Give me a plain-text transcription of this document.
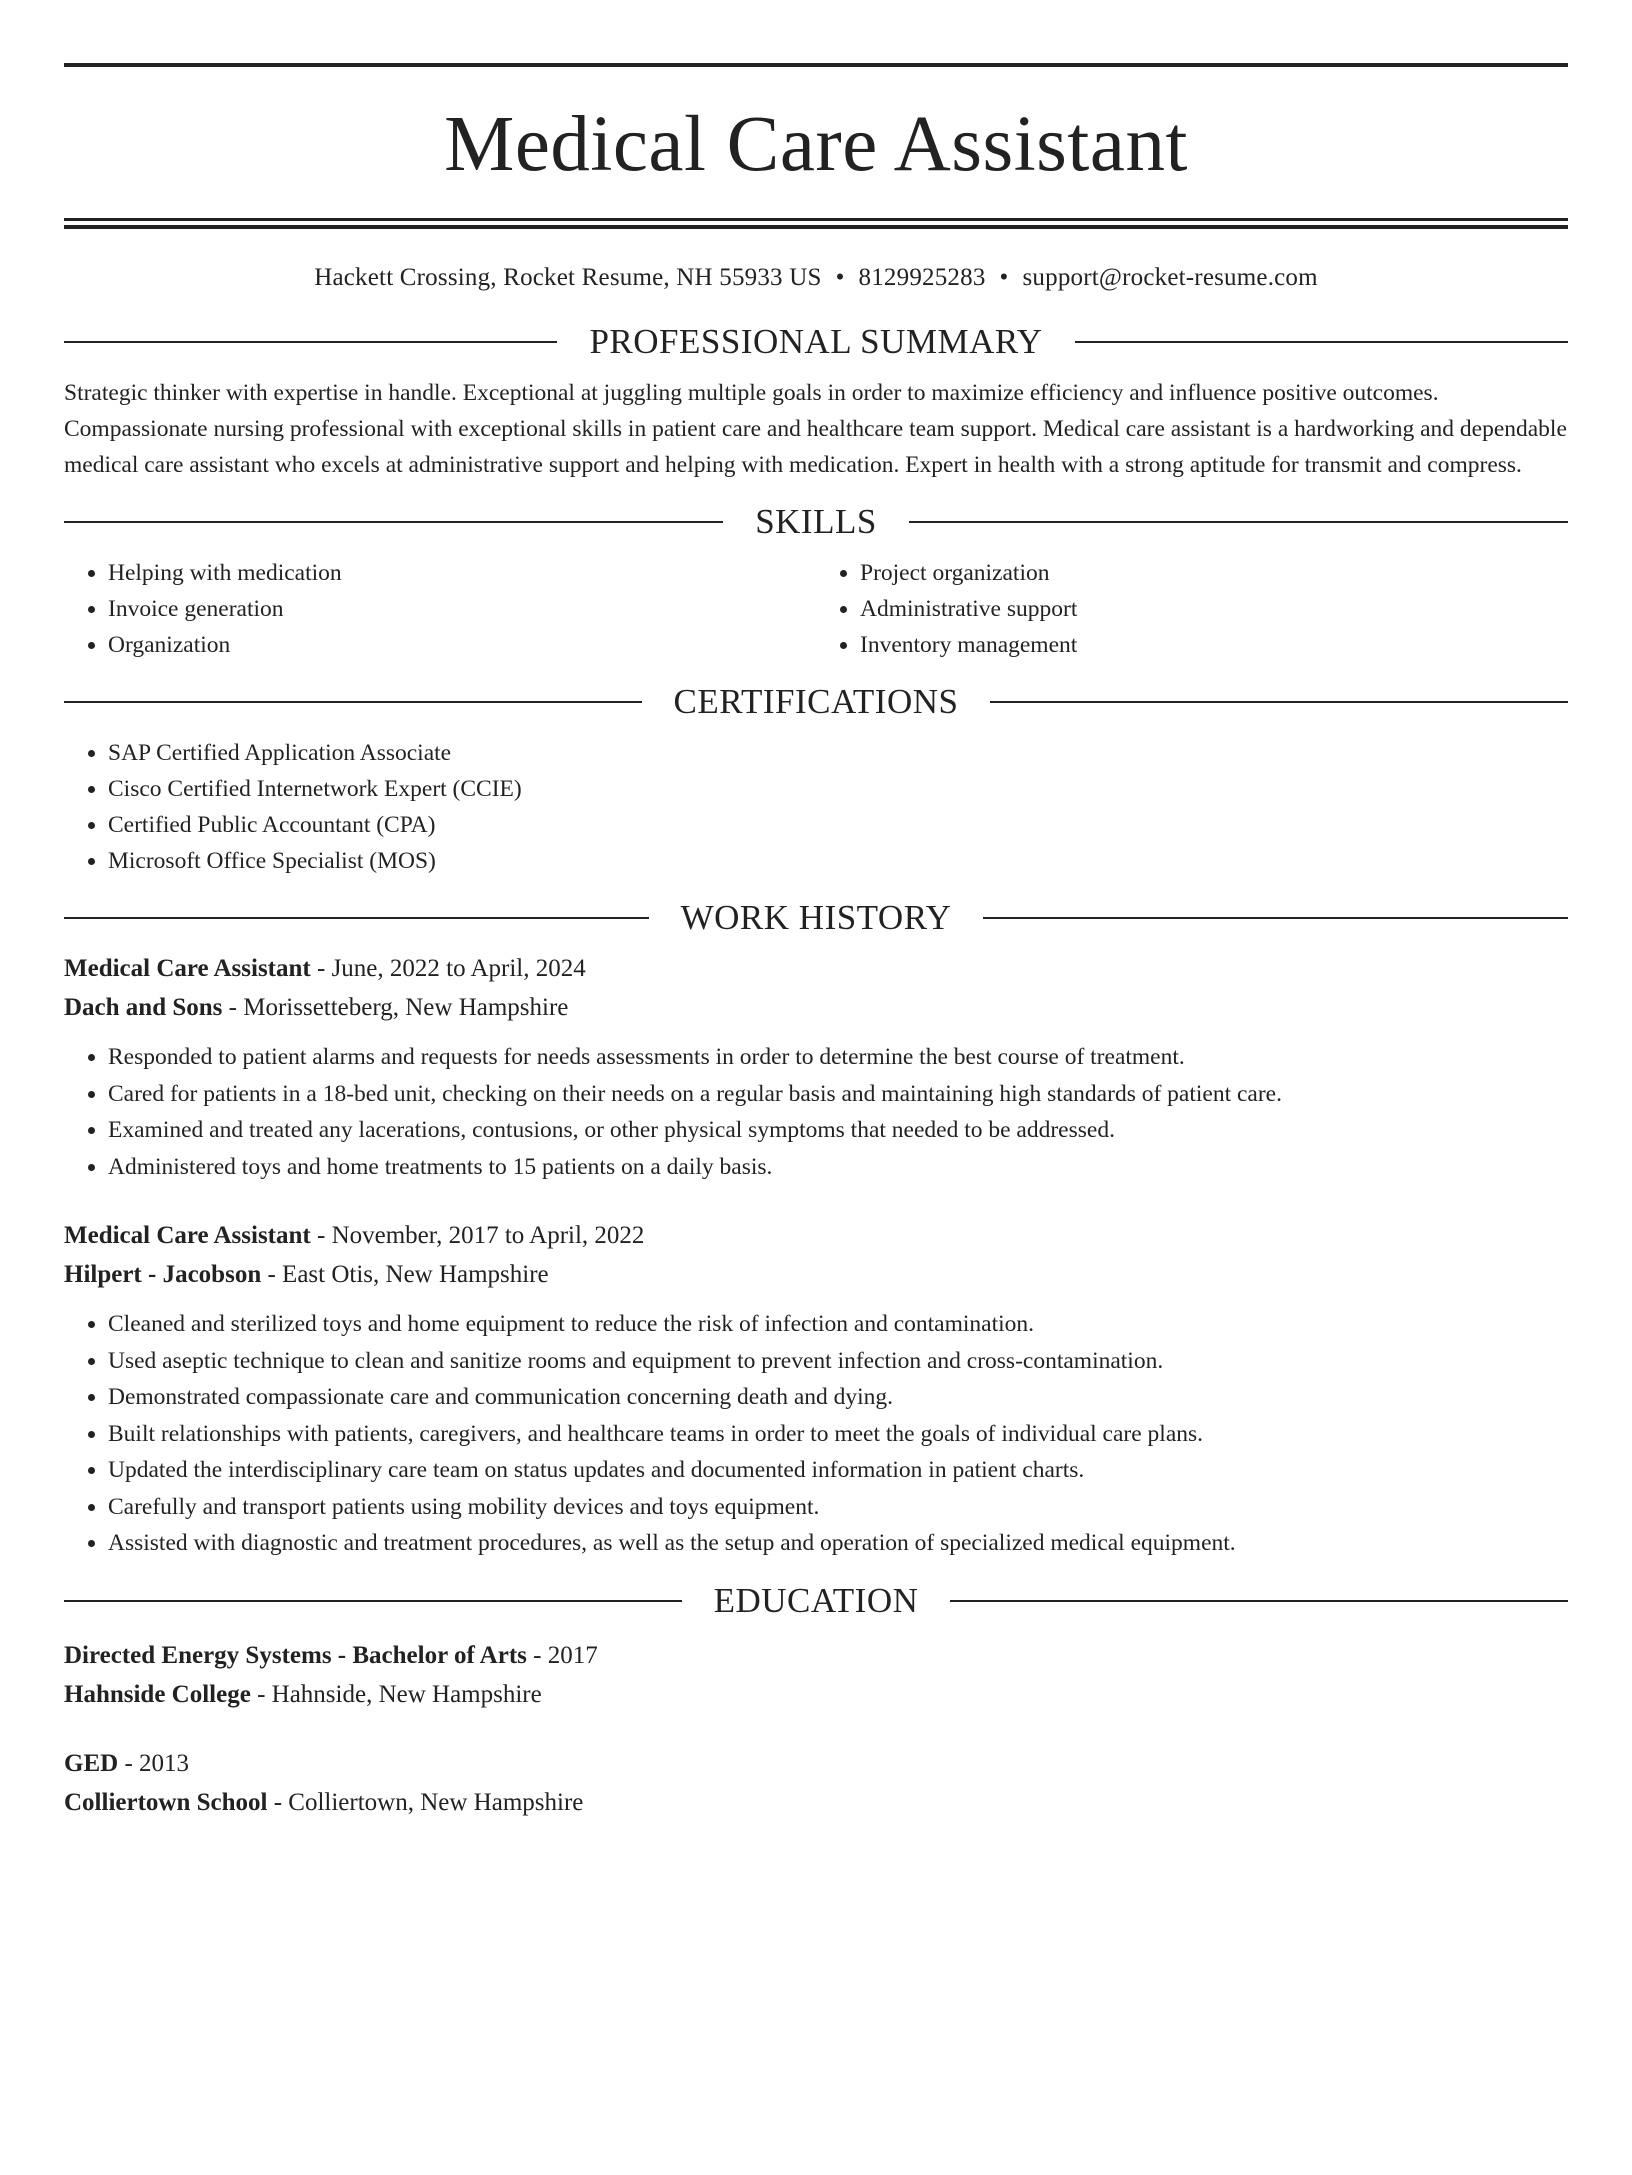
Medical Care Assistant
Hackett Crossing, Rocket Resume, NH 55933 US • 8129925283 • support@rocket-resume.com
PROFESSIONAL SUMMARY

Strategic thinker with expertise in handle. Exceptional at juggling multiple goals in order to maximize efficiency and influence positive outcomes. Compassionate nursing professional with exceptional skills in patient care and healthcare team support. Medical care assistant is a hardworking and dependable medical care assistant who excels at administrative support and helping with medication. Expert in health with a strong aptitude for transmit and compress.

SKILLS
• Helping with medication
• Invoice generation
• Organization
• Project organization
• Administrative support
• Inventory management
CERTIFICATIONS
• SAP Certified Application Associate
• Cisco Certified Internetwork Expert (CCIE)
• Certified Public Accountant (CPA)
• Microsoft Office Specialist (MOS)
WORK HISTORY
Medical Care Assistant - June, 2022 to April, 2024
Dach and Sons - Morissetteberg, New Hampshire
• Responded to patient alarms and requests for needs assessments in order to determine the best course of treatment.
• Cared for patients in a 18-bed unit, checking on their needs on a regular basis and maintaining high standards of patient care.
• Examined and treated any lacerations, contusions, or other physical symptoms that needed to be addressed.
• Administered toys and home treatments to 15 patients on a daily basis.
Medical Care Assistant - November, 2017 to April, 2022
Hilpert - Jacobson - East Otis, New Hampshire
• Cleaned and sterilized toys and home equipment to reduce the risk of infection and contamination.
• Used aseptic technique to clean and sanitize rooms and equipment to prevent infection and cross-contamination.
• Demonstrated compassionate care and communication concerning death and dying.
• Built relationships with patients, caregivers, and healthcare teams in order to meet the goals of individual care plans.
• Updated the interdisciplinary care team on status updates and documented information in patient charts.
• Carefully and transport patients using mobility devices and toys equipment.
• Assisted with diagnostic and treatment procedures, as well as the setup and operation of specialized medical equipment.
EDUCATION
Directed Energy Systems - Bachelor of Arts - 2017
Hahnside College - Hahnside, New Hampshire
GED - 2013
Colliertown School - Colliertown, New Hampshire
